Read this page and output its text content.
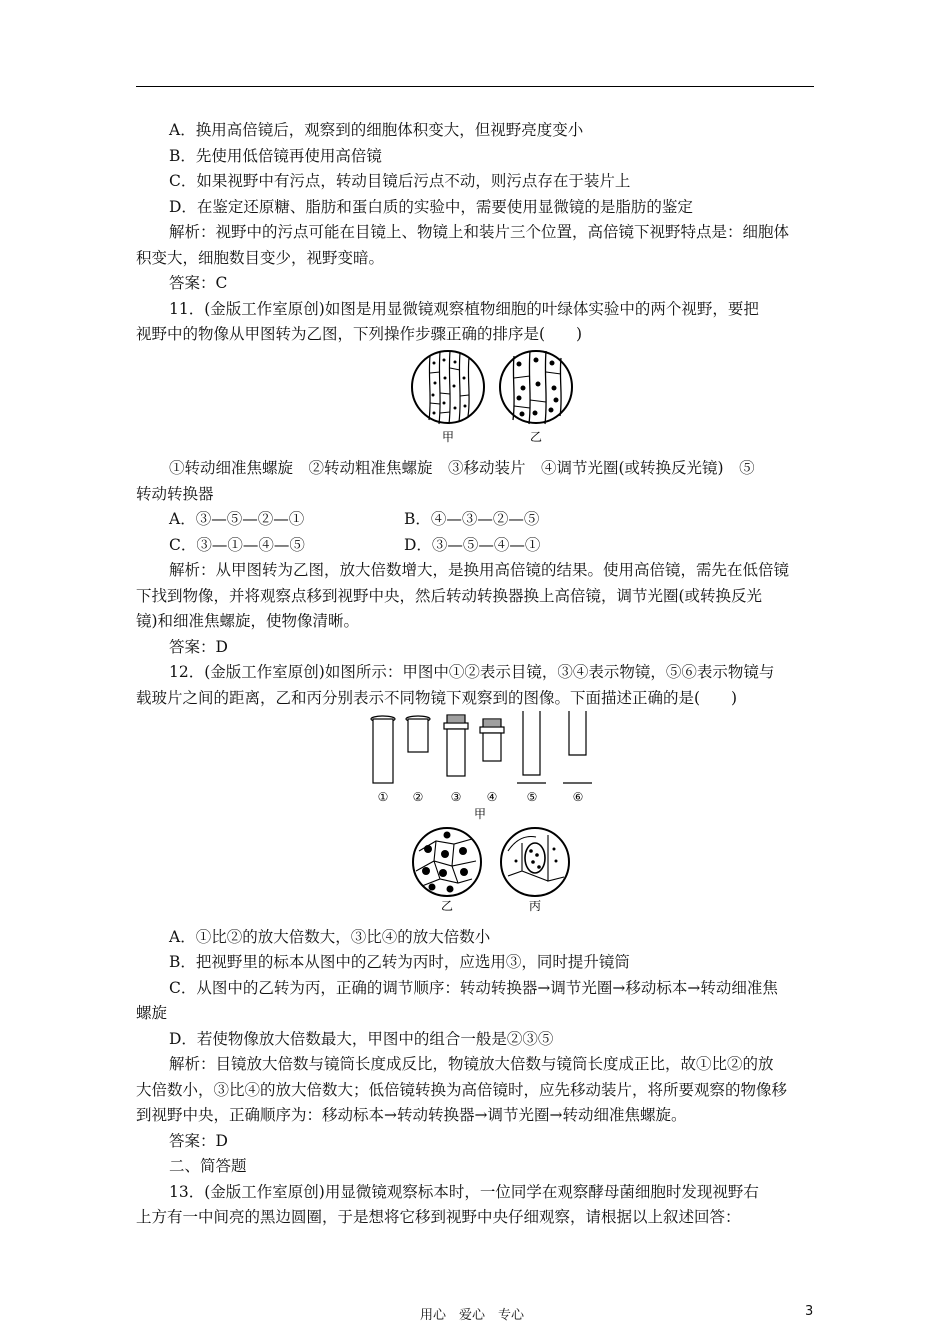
A．换用高倍镜后，观察到的细胞体积变大，但视野亮度变小

B．先使用低倍镜再使用高倍镜

C．如果视野中有污点，转动目镜后污点不动，则污点存在于装片上

D．在鉴定还原糖、脂肪和蛋白质的实验中，需要使用显微镜的是脂肪的鉴定

解析：视野中的污点可能在目镜上、物镜上和装片三个位置，高倍镜下视野特点是：细胞体

积变大，细胞数目变少，视野变暗。

答案：C

11．(金版工作室原创)如图是用显微镜观察植物细胞的叶绿体实验中的两个视野，要把

视野中的物像从甲图转为乙图，下列操作步骤正确的排序是(　　)

甲	乙

①转动细准焦螺旋　②转动粗准焦螺旋　③移动装片　④调节光圈(或转换反光镜)　⑤

转动转换器

A．③—⑤—②—①	B．④—③—②—⑤
C．③—①—④—⑤	D．③—⑤—④—①

解析：从甲图转为乙图，放大倍数增大，是换用高倍镜的结果。使用高倍镜，需先在低倍镜

下找到物像，并将观察点移到视野中央，然后转动转换器换上高倍镜，调节光圈(或转换反光

镜)和细准焦螺旋，使物像清晰。

答案：D

12．(金版工作室原创)如图所示：甲图中①②表示目镜，③④表示物镜，⑤⑥表示物镜与

载玻片之间的距离，乙和丙分别表示不同物镜下观察到的图像。下面描述正确的是(　　)

① ② ③ ④ ⑤	⑥
甲
乙	丙

A．①比②的放大倍数大，③比④的放大倍数小

B．把视野里的标本从图中的乙转为丙时，应选用③，同时提升镜筒

C．从图中的乙转为丙，正确的调节顺序：转动转换器→调节光圈→移动标本→转动细准焦

螺旋

D．若使物像放大倍数最大，甲图中的组合一般是②③⑤

解析：目镜放大倍数与镜筒长度成反比，物镜放大倍数与镜筒长度成正比，故①比②的放

大倍数小，③比④的放大倍数大；低倍镜转换为高倍镜时，应先移动装片，将所要观察的物像移

到视野中央，正确顺序为：移动标本→转动转换器→调节光圈→转动细准焦螺旋。

答案：D

二、简答题

13．(金版工作室原创)用显微镜观察标本时，一位同学在观察酵母菌细胞时发现视野右

上方有一中间亮的黑边圆圈，于是想将它移到视野中央仔细观察，请根据以上叙述回答：

用心　爱心　专心	3
